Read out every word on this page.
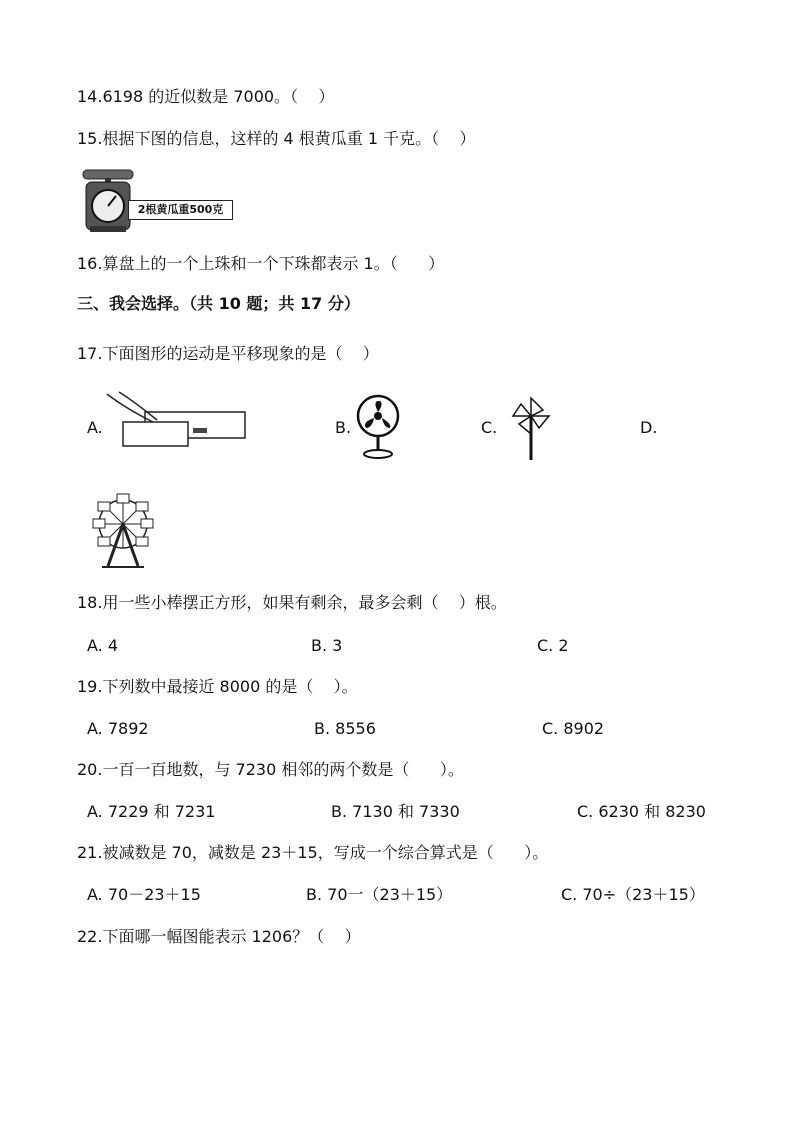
14.6198 的近似数是 7000。（    ）
15.根据下图的信息，这样的 4 根黄瓜重 1 千克。（    ）
2根黄瓜重500克
16.算盘上的一个上珠和一个下珠都表示 1。（      ）
三、我会选择。（共 10 题；共 17 分）
17.下面图形的运动是平移现象的是（    ）
A.	B.	C.	D.
18.用一些小棒摆正方形，如果有剩余，最多会剩（    ）根。
A. 4	B. 3	C. 2
19.下列数中最接近 8000 的是（    ）。
A. 7892	B. 8556	C. 8902
20.一百一百地数，与 7230 相邻的两个数是（      ）。
A. 7229 和 7231	B. 7130 和 7330	C. 6230 和 8230
21.被减数是 70，减数是 23＋15，写成一个综合算式是（      ）。
A. 70－23＋15	B. 70一（23＋15）	C. 70÷（23＋15）
22.下面哪一幅图能表示 1206？（    ）
